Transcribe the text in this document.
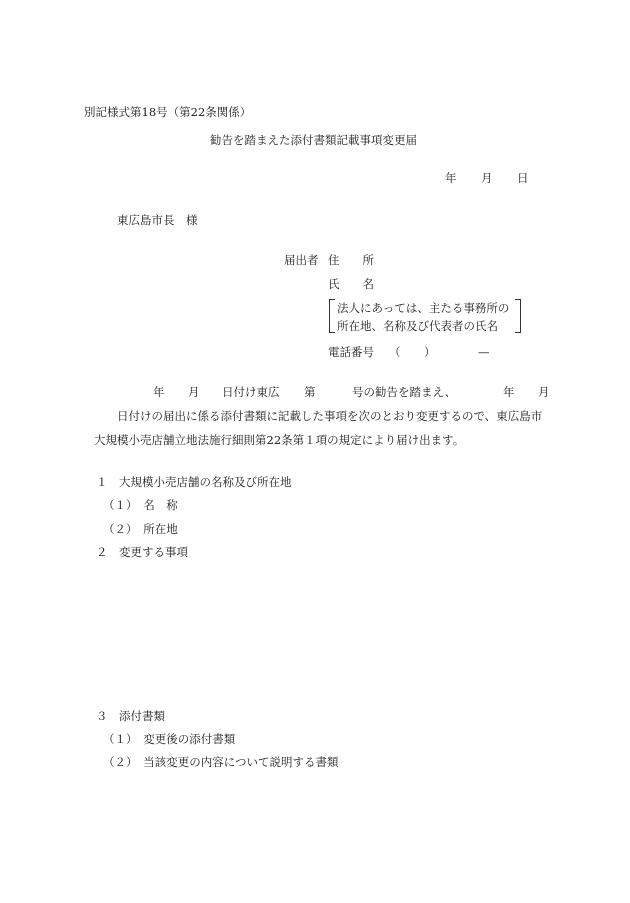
別記様式第18号（第22条関係）
勧告を踏まえた添付書類記載事項変更届
年 月 日
東広島市長　様
届出者 住　　所
氏　　名
法人にあっては、主たる事務所の
所在地、名称及び代表者の氏名
電話番号 （ ）	—
年 月 日付け東広 第	号の勧告を踏まえ、	年 月
日付けの届出に係る添付書類に記載した事項を次のとおり変更するので、東広島市
大規模小売店舗立地法施行細則第22条第１項の規定により届け出ます。
１　大規模小売店舗の名称及び所在地
（１）　名　称
（２）　所在地
２　変更する事項
３　添付書類
（１）　変更後の添付書類
（２）　当該変更の内容について説明する書類
